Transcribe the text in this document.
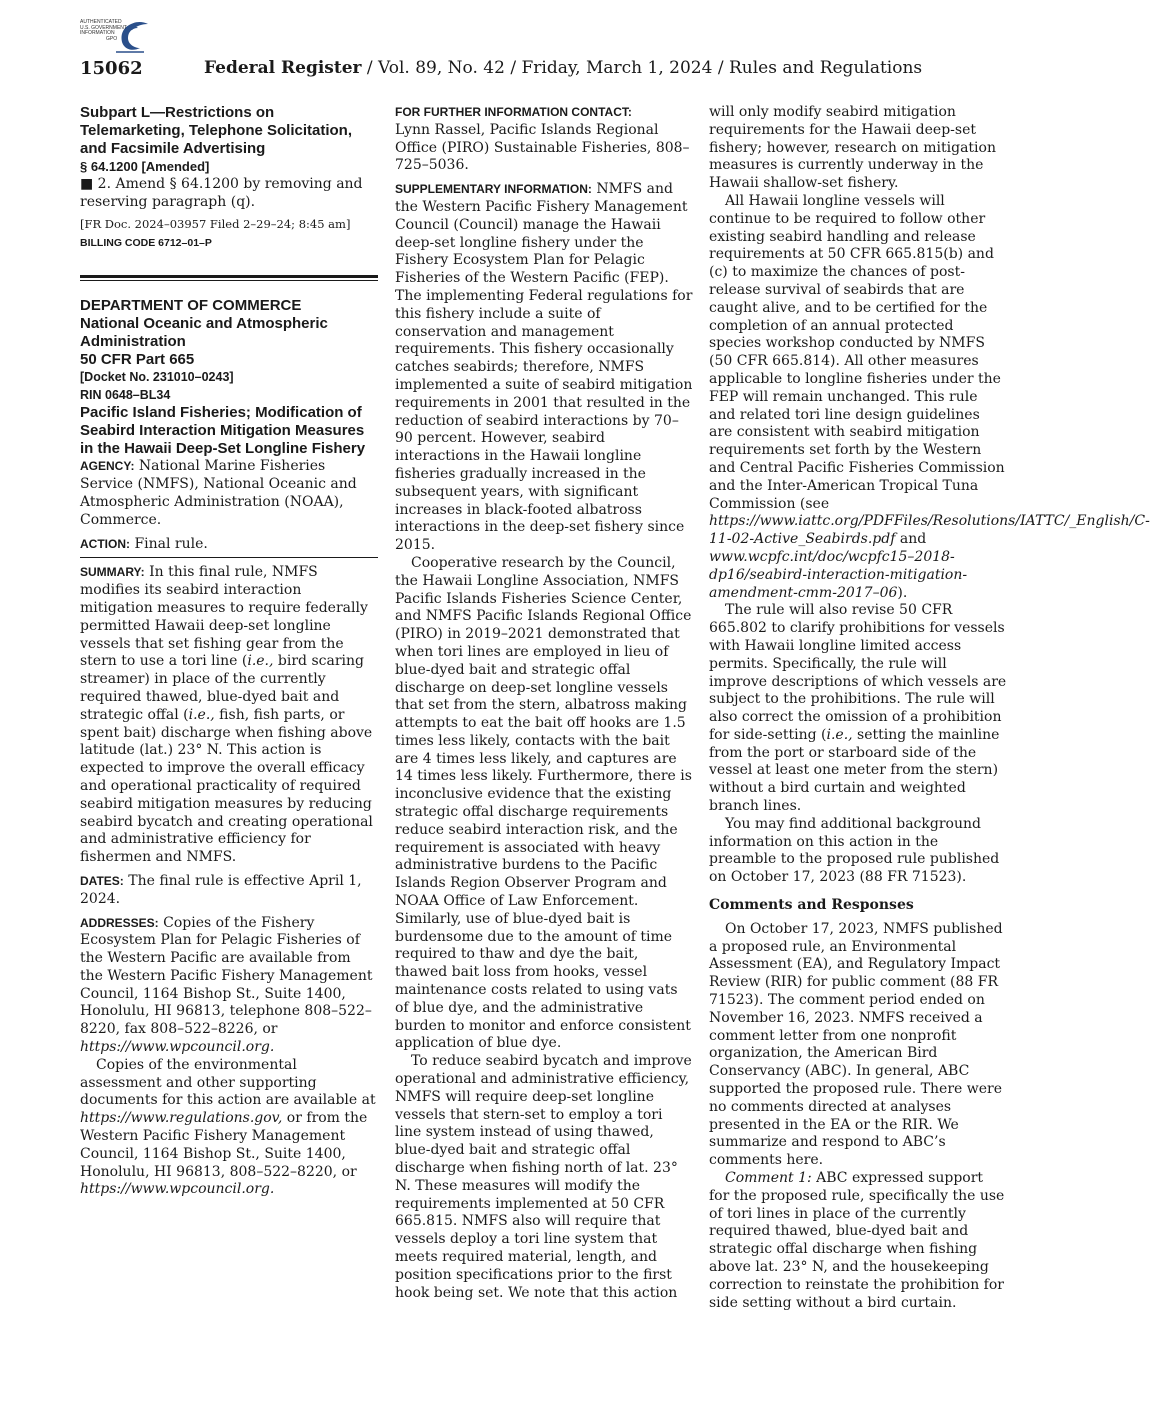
AUTHENTICATED
U.S. GOVERNMENT
INFORMATION
GPO
15062	Federal Register / Vol. 89, No. 42 / Friday, March 1, 2024 / Rules and Regulations

Subpart L—Restrictions on Telemarketing, Telephone Solicitation, and Facsimile Advertising

§ 64.1200 [Amended]

■ 2. Amend § 64.1200 by removing and reserving paragraph (q).

[FR Doc. 2024–03957 Filed 2–29–24; 8:45 am]

BILLING CODE 6712–01–P

DEPARTMENT OF COMMERCE

National Oceanic and Atmospheric Administration

50 CFR Part 665

[Docket No. 231010–0243]

RIN 0648–BL34

Pacific Island Fisheries; Modification of Seabird Interaction Mitigation Measures in the Hawaii Deep-Set Longline Fishery

AGENCY: National Marine Fisheries Service (NMFS), National Oceanic and Atmospheric Administration (NOAA), Commerce.

ACTION: Final rule.

SUMMARY: In this final rule, NMFS modifies its seabird interaction mitigation measures to require federally permitted Hawaii deep-set longline vessels that set fishing gear from the stern to use a tori line (i.e., bird scaring streamer) in place of the currently required thawed, blue-dyed bait and strategic offal (i.e., fish, fish parts, or spent bait) discharge when fishing above latitude (lat.) 23° N. This action is expected to improve the overall efficacy and operational practicality of required seabird mitigation measures by reducing seabird bycatch and creating operational and administrative efficiency for fishermen and NMFS.

DATES: The final rule is effective April 1, 2024.

ADDRESSES: Copies of the Fishery Ecosystem Plan for Pelagic Fisheries of the Western Pacific are available from the Western Pacific Fishery Management Council, 1164 Bishop St., Suite 1400, Honolulu, HI 96813, telephone 808–522–8220, fax 808–522–8226, or https://www.wpcouncil.org.

Copies of the environmental assessment and other supporting documents for this action are available at https://www.regulations.gov, or from the Western Pacific Fishery Management Council, 1164 Bishop St., Suite 1400, Honolulu, HI 96813, 808–522–8220, or https://www.wpcouncil.org.

FOR FURTHER INFORMATION CONTACT:

Lynn Rassel, Pacific Islands Regional Office (PIRO) Sustainable Fisheries, 808–725–5036.

SUPPLEMENTARY INFORMATION: NMFS and the Western Pacific Fishery Management Council (Council) manage the Hawaii deep-set longline fishery under the Fishery Ecosystem Plan for Pelagic Fisheries of the Western Pacific (FEP). The implementing Federal regulations for this fishery include a suite of conservation and management requirements. This fishery occasionally catches seabirds; therefore, NMFS implemented a suite of seabird mitigation requirements in 2001 that resulted in the reduction of seabird interactions by 70–90 percent. However, seabird interactions in the Hawaii longline fisheries gradually increased in the subsequent years, with significant increases in black-footed albatross interactions in the deep-set fishery since 2015.

Cooperative research by the Council, the Hawaii Longline Association, NMFS Pacific Islands Fisheries Science Center, and NMFS Pacific Islands Regional Office (PIRO) in 2019–2021 demonstrated that when tori lines are employed in lieu of blue-dyed bait and strategic offal discharge on deep-set longline vessels that set from the stern, albatross making attempts to eat the bait off hooks are 1.5 times less likely, contacts with the bait are 4 times less likely, and captures are 14 times less likely. Furthermore, there is inconclusive evidence that the existing strategic offal discharge requirements reduce seabird interaction risk, and the requirement is associated with heavy administrative burdens to the Pacific Islands Region Observer Program and NOAA Office of Law Enforcement. Similarly, use of blue-dyed bait is burdensome due to the amount of time required to thaw and dye the bait, thawed bait loss from hooks, vessel maintenance costs related to using vats of blue dye, and the administrative burden to monitor and enforce consistent application of blue dye.

To reduce seabird bycatch and improve operational and administrative efficiency, NMFS will require deep-set longline vessels that stern-set to employ a tori line system instead of using thawed, blue-dyed bait and strategic offal discharge when fishing north of lat. 23° N. These measures will modify the requirements implemented at 50 CFR 665.815. NMFS also will require that vessels deploy a tori line system that meets required material, length, and position specifications prior to the first hook being set. We note that this action

will only modify seabird mitigation requirements for the Hawaii deep-set fishery; however, research on mitigation measures is currently underway in the Hawaii shallow-set fishery.

All Hawaii longline vessels will continue to be required to follow other existing seabird handling and release requirements at 50 CFR 665.815(b) and (c) to maximize the chances of post-release survival of seabirds that are caught alive, and to be certified for the completion of an annual protected species workshop conducted by NMFS (50 CFR 665.814). All other measures applicable to longline fisheries under the FEP will remain unchanged. This rule and related tori line design guidelines are consistent with seabird mitigation requirements set forth by the Western and Central Pacific Fisheries Commission and the Inter-American Tropical Tuna Commission (see https://www.iattc.org/PDFFiles/Resolutions/IATTC/_English/C-11-02-Active_Seabirds.pdf and www.wcpfc.int/doc/wcpfc15–2018-dp16/seabird-interaction-mitigation-amendment-cmm-2017–06).

The rule will also revise 50 CFR 665.802 to clarify prohibitions for vessels with Hawaii longline limited access permits. Specifically, the rule will improve descriptions of which vessels are subject to the prohibitions. The rule will also correct the omission of a prohibition for side-setting (i.e., setting the mainline from the port or starboard side of the vessel at least one meter from the stern) without a bird curtain and weighted branch lines.

You may find additional background information on this action in the preamble to the proposed rule published on October 17, 2023 (88 FR 71523).

Comments and Responses

On October 17, 2023, NMFS published a proposed rule, an Environmental Assessment (EA), and Regulatory Impact Review (RIR) for public comment (88 FR 71523). The comment period ended on November 16, 2023. NMFS received a comment letter from one nonprofit organization, the American Bird Conservancy (ABC). In general, ABC supported the proposed rule. There were no comments directed at analyses presented in the EA or the RIR. We summarize and respond to ABC’s comments here.

Comment 1: ABC expressed support for the proposed rule, specifically the use of tori lines in place of the currently required thawed, blue-dyed bait and strategic offal discharge when fishing above lat. 23° N, and the housekeeping correction to reinstate the prohibition for side setting without a bird curtain.
